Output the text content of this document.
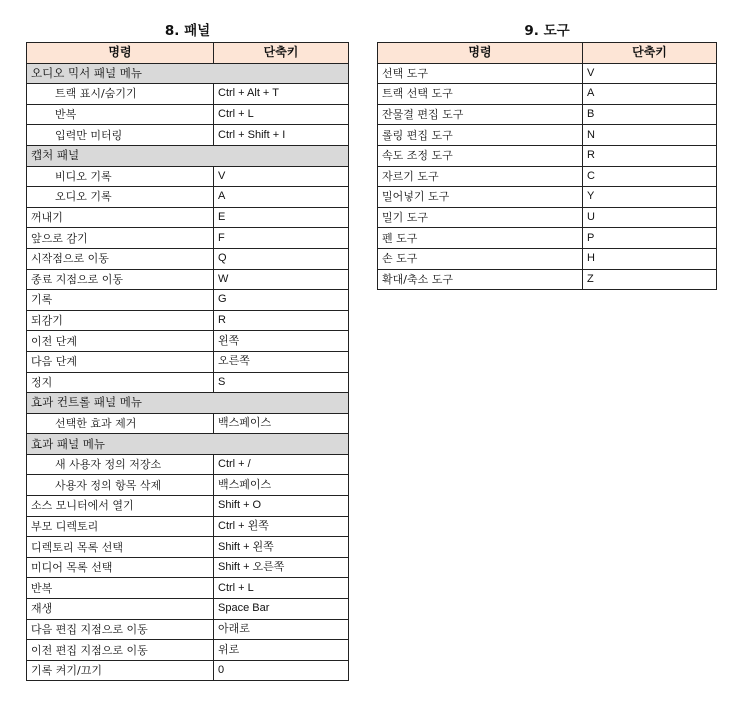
8. 패널
명령	단축키
오디오 믹서 패널 메뉴	
트랙 표시/숨기기	Ctrl + Alt + T
반복	Ctrl + L
입력만 미터링	Ctrl + Shift + I
캡처 패널	
비디오 기록	V
오디오 기록	A
꺼내기	E
앞으로 감기	F
시작점으로 이동	Q
종료 지점으로 이동	W
기록	G
되감기	R
이전 단계	왼쪽
다음 단계	오른쪽
정지	S
효과 컨트롤 패널 메뉴	
선택한 효과 제거	백스페이스
효과 패널 메뉴	
새 사용자 정의 저장소	Ctrl + /
사용자 정의 항목 삭제	백스페이스
소스 모니터에서 열기	Shift + O
부모 디렉토리	Ctrl + 왼쪽
디렉토리 목록 선택	Shift + 왼쪽
미디어 목록 선택	Shift + 오른쪽
반복	Ctrl + L
재생	Space Bar
다음 편집 지점으로 이동	아래로
이전 편집 지점으로 이동	위로
기록 켜기/끄기	0
9. 도구
명령	단축키
선택 도구	V
트랙 선택 도구	A
잔물결 편집 도구	B
롤링 편집 도구	N
속도 조정 도구	R
자르기 도구	C
밀어넣기 도구	Y
밀기 도구	U
펜 도구	P
손 도구	H
확대/축소 도구	Z
